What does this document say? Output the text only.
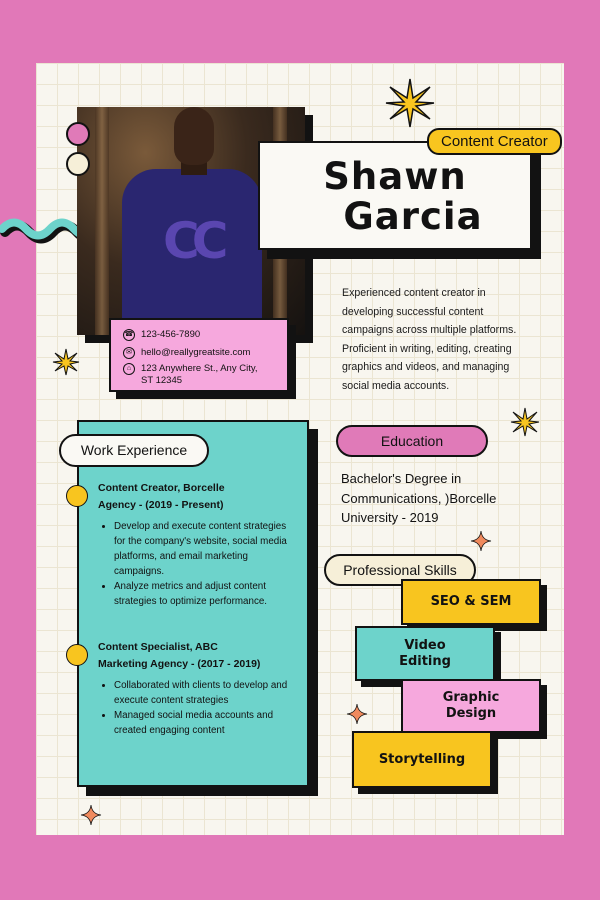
CC
Shawn
Garcia
Content Creator
☎ 123-456-7890
✉ hello@reallygreatsite.com
⌂	123 Anywhere St., Any City,
ST 12345
Experienced content creator in developing successful content campaigns across multiple platforms. Proficient in writing, editing, creating graphics and videos, and managing social media accounts.
Work Experience
Content Creator, Borcelle
Agency - (2019 - Present)
• Develop and execute content strategies for the company's website, social media platforms, and email marketing campaigns.
• Analyze metrics and adjust content strategies to optimize performance.
Content Specialist, ABC
Marketing Agency - (2017 - 2019)
• Collaborated with clients to develop and execute content strategies
• Managed social media accounts and created engaging content
Education
Bachelor's Degree in
Communications, )Borcelle
University - 2019
Professional Skills
SEO & SEM
Video
Editing
Graphic
Design
Storytelling
